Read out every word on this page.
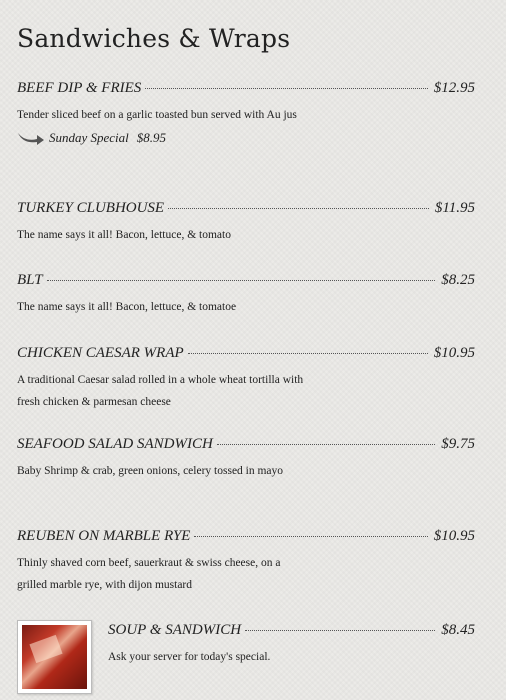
Sandwiches & Wraps
BEEF DIP & FRIES	$12.95
Tender sliced beef on a garlic toasted bun served with Au jus
Sunday Special $8.95
TURKEY CLUBHOUSE	$11.95
The name says it all! Bacon, lettuce, & tomato
BLT	$8.25
The name says it all! Bacon, lettuce, & tomatoe
CHICKEN CAESAR WRAP	$10.95
A traditional Caesar salad rolled in a whole wheat tortilla with fresh chicken & parmesan cheese
SEAFOOD SALAD SANDWICH	$9.75
Baby Shrimp & crab, green onions, celery tossed in mayo
REUBEN ON MARBLE RYE	$10.95
Thinly shaved corn beef, sauerkraut & swiss cheese, on a grilled marble rye, with dijon mustard
SOUP & SANDWICH	$8.45
Ask your server for today's special.
